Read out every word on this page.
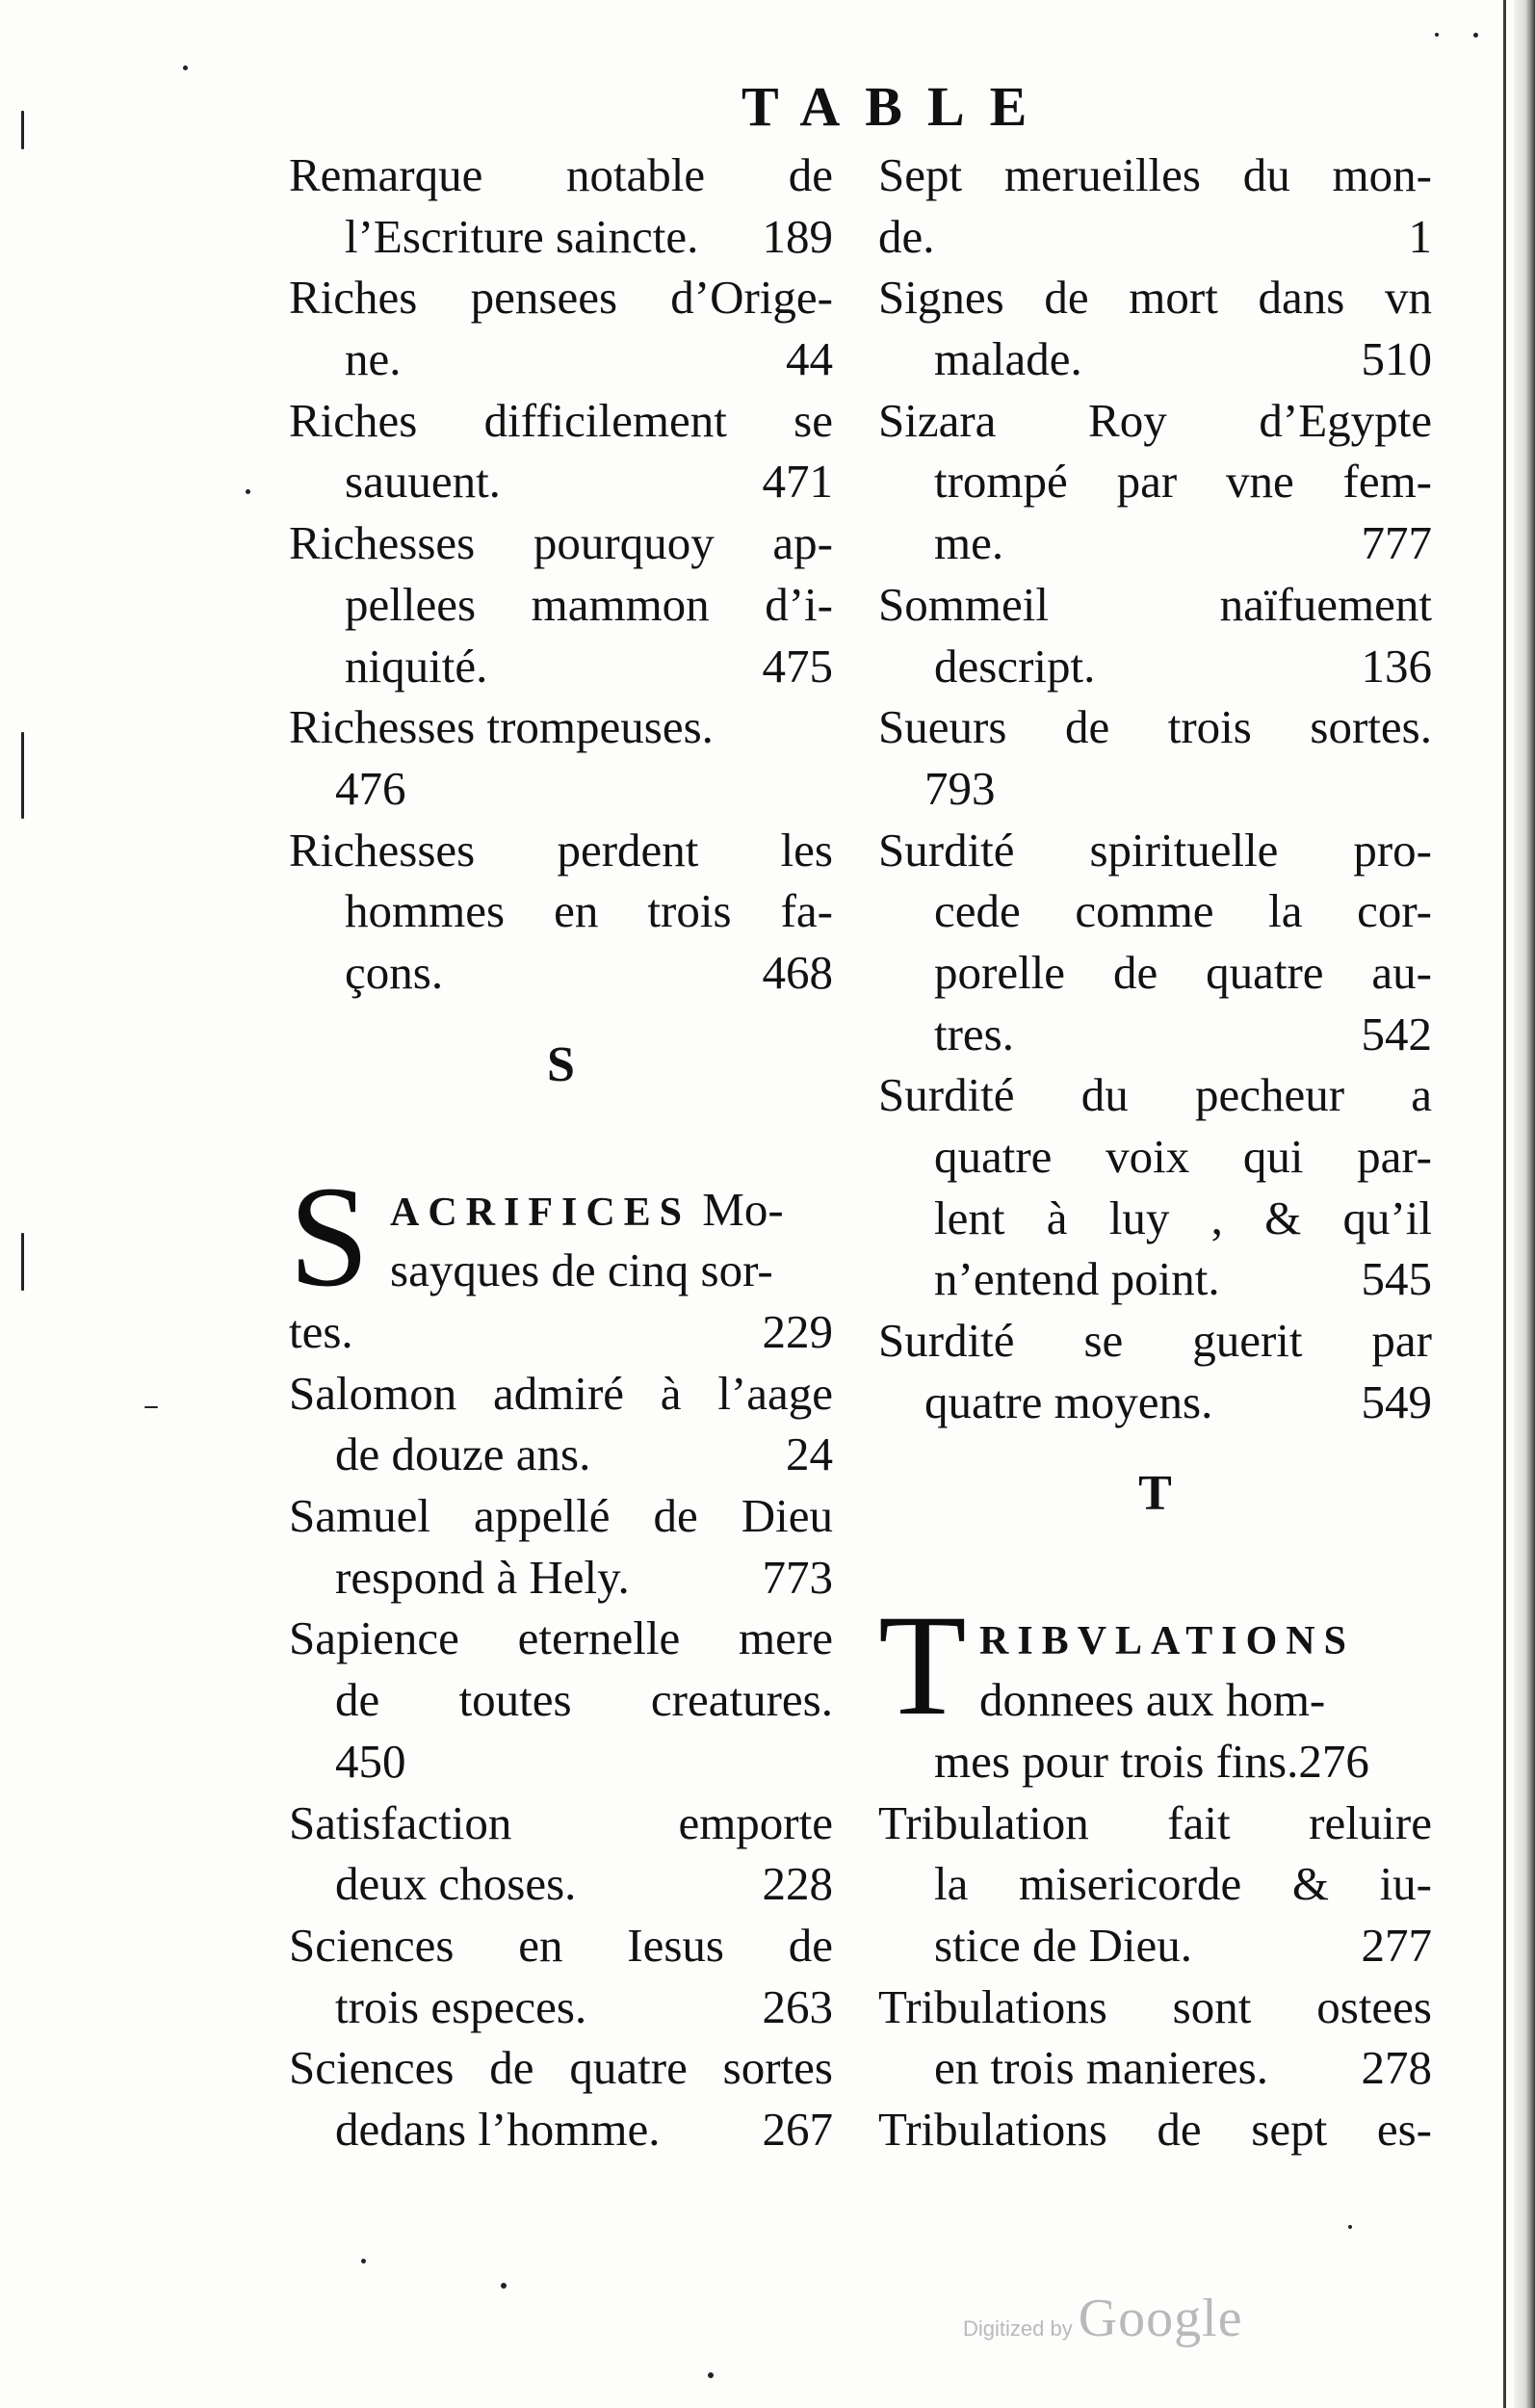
TABLE
Remarque notable de
l’Escriture saincte. 189
Riches pensees d’Orige-
ne.	44
Riches difficilement se
sauuent.	471
Richesses pourquoy ap-
pellees mammon d’i-
niquité.	475
Richesses trompeuses.
476
Richesses perdent les
hommes en trois fa-
çons.	468
S
S ACRIFICES Mo-
sayques de cinq sor-
tes.	229
Salomon admiré à l’aage
de douze ans.	24
Samuel appellé de Dieu
respond à Hely.	773
Sapience eternelle mere
de toutes creatures.
450
Satisfaction emporte
deux choses.	228
Sciences en Iesus de
trois especes.	263
Sciences de quatre sortes
dedans l’homme. 267
Sept merueilles du mon-
de.	1
Signes de mort dans vn
malade.	510
Sizara Roy d’Egypte
trompé par vne fem-
me.	777
Sommeil naïfuement
descript.	136
Sueurs de trois sortes.
793
Surdité spirituelle pro-
cede comme la cor-
porelle de quatre au-
tres.	542
Surdité du pecheur a
quatre voix qui par-
lent à luy , & qu’il
n’entend point.	545
Surdité se guerit par
quatre moyens.	549
T
T RIBVLATIONS
donnees aux hom-
mes pour trois fins.276
Tribulation fait reluire
la misericorde & iu-
stice de Dieu.	277
Tribulations sont ostees
en trois manieres. 278
Tribulations de sept es-
Digitized by Google
